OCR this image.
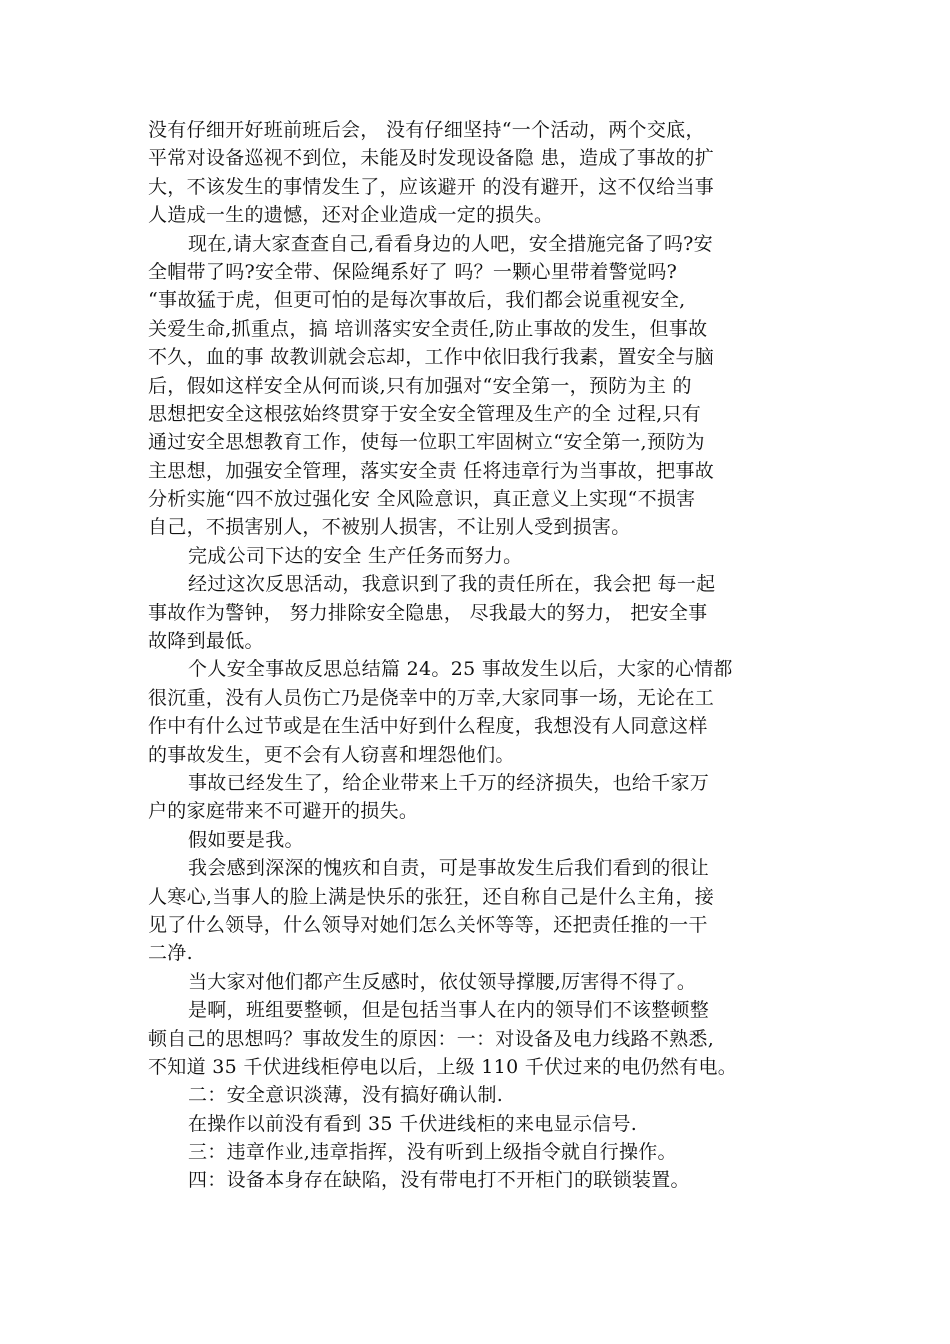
没有仔细开好班前班后会， 没有仔细坚持“一个活动，两个交底，
平常对设备巡视不到位，未能及时发现设备隐 患，造成了事故的扩
大，不该发生的事情发生了，应该避开 的没有避开，这不仅给当事
人造成一生的遗憾，还对企业造成一定的损失。
现在,请大家查查自己,看看身边的人吧，安全措施完备了吗?安
全帽带了吗?安全带、保险绳系好了 吗？一颗心里带着警觉吗?
“事故猛于虎，但更可怕的是每次事故后，我们都会说重视安全,
关爱生命,抓重点，搞 培训落实安全责任,防止事故的发生，但事故
不久，血的事 故教训就会忘却，工作中依旧我行我素，置安全与脑
后，假如这样安全从何而谈,只有加强对“安全第一，预防为主 的
思想把安全这根弦始终贯穿于安全安全管理及生产的全 过程,只有
通过安全思想教育工作，使每一位职工牢固树立“安全第一,预防为
主思想，加强安全管理，落实安全责 任将违章行为当事故，把事故
分析实施“四不放过强化安 全风险意识，真正意义上实现“不损害
自己，不损害别人，不被别人损害，不让别人受到损害。
完成公司下达的安全 生产任务而努力。
经过这次反思活动，我意识到了我的责任所在，我会把 每一起
事故作为警钟， 努力排除安全隐患， 尽我最大的努力， 把安全事
故降到最低。
个人安全事故反思总结篇 24。25 事故发生以后，大家的心情都
很沉重，没有人员伤亡乃是侥幸中的万幸,大家同事一场，无论在工
作中有什么过节或是在生活中好到什么程度，我想没有人同意这样
的事故发生，更不会有人窃喜和埋怨他们。
事故已经发生了，给企业带来上千万的经济损失，也给千家万
户的家庭带来不可避开的损失。
假如要是我。
我会感到深深的愧疚和自责，可是事故发生后我们看到的很让
人寒心,当事人的脸上满是快乐的张狂，还自称自己是什么主角，接
见了什么领导，什么领导对她们怎么关怀等等，还把责任推的一干
二净.
当大家对他们都产生反感时，依仗领导撑腰,厉害得不得了。
是啊，班组要整顿，但是包括当事人在内的领导们不该整顿整
顿自己的思想吗？事故发生的原因：一：对设备及电力线路不熟悉,
不知道 35 千伏进线柜停电以后，上级 110 千伏过来的电仍然有电。
二：安全意识淡薄，没有搞好确认制.
在操作以前没有看到 35 千伏进线柜的来电显示信号.
三：违章作业,违章指挥，没有听到上级指令就自行操作。
四：设备本身存在缺陷，没有带电打不开柜门的联锁装置。
